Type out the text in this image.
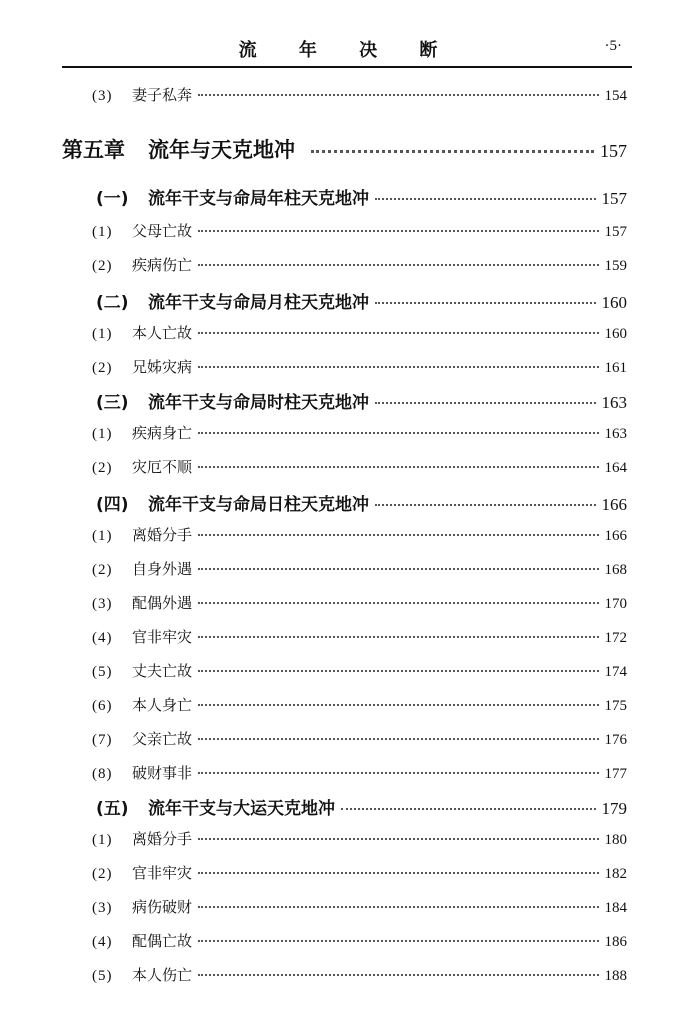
流 年 决 断	·5·
(3)	妻子私奔	154
第五章	流年与天克地冲	157
(一)	流年干支与命局年柱天克地冲	157
(1)	父母亡故	157
(2)	疾病伤亡	159
(二)	流年干支与命局月柱天克地冲	160
(1)	本人亡故	160
(2)	兄姊灾病	161
(三)	流年干支与命局时柱天克地冲	163
(1)	疾病身亡	163
(2)	灾厄不顺	164
(四)	流年干支与命局日柱天克地冲	166
(1)	离婚分手	166
(2)	自身外遇	168
(3)	配偶外遇	170
(4)	官非牢灾	172
(5)	丈夫亡故	174
(6)	本人身亡	175
(7)	父亲亡故	176
(8)	破财事非	177
(五)	流年干支与大运天克地冲	179
(1)	离婚分手	180
(2)	官非牢灾	182
(3)	病伤破财	184
(4)	配偶亡故	186
(5)	本人伤亡	188
